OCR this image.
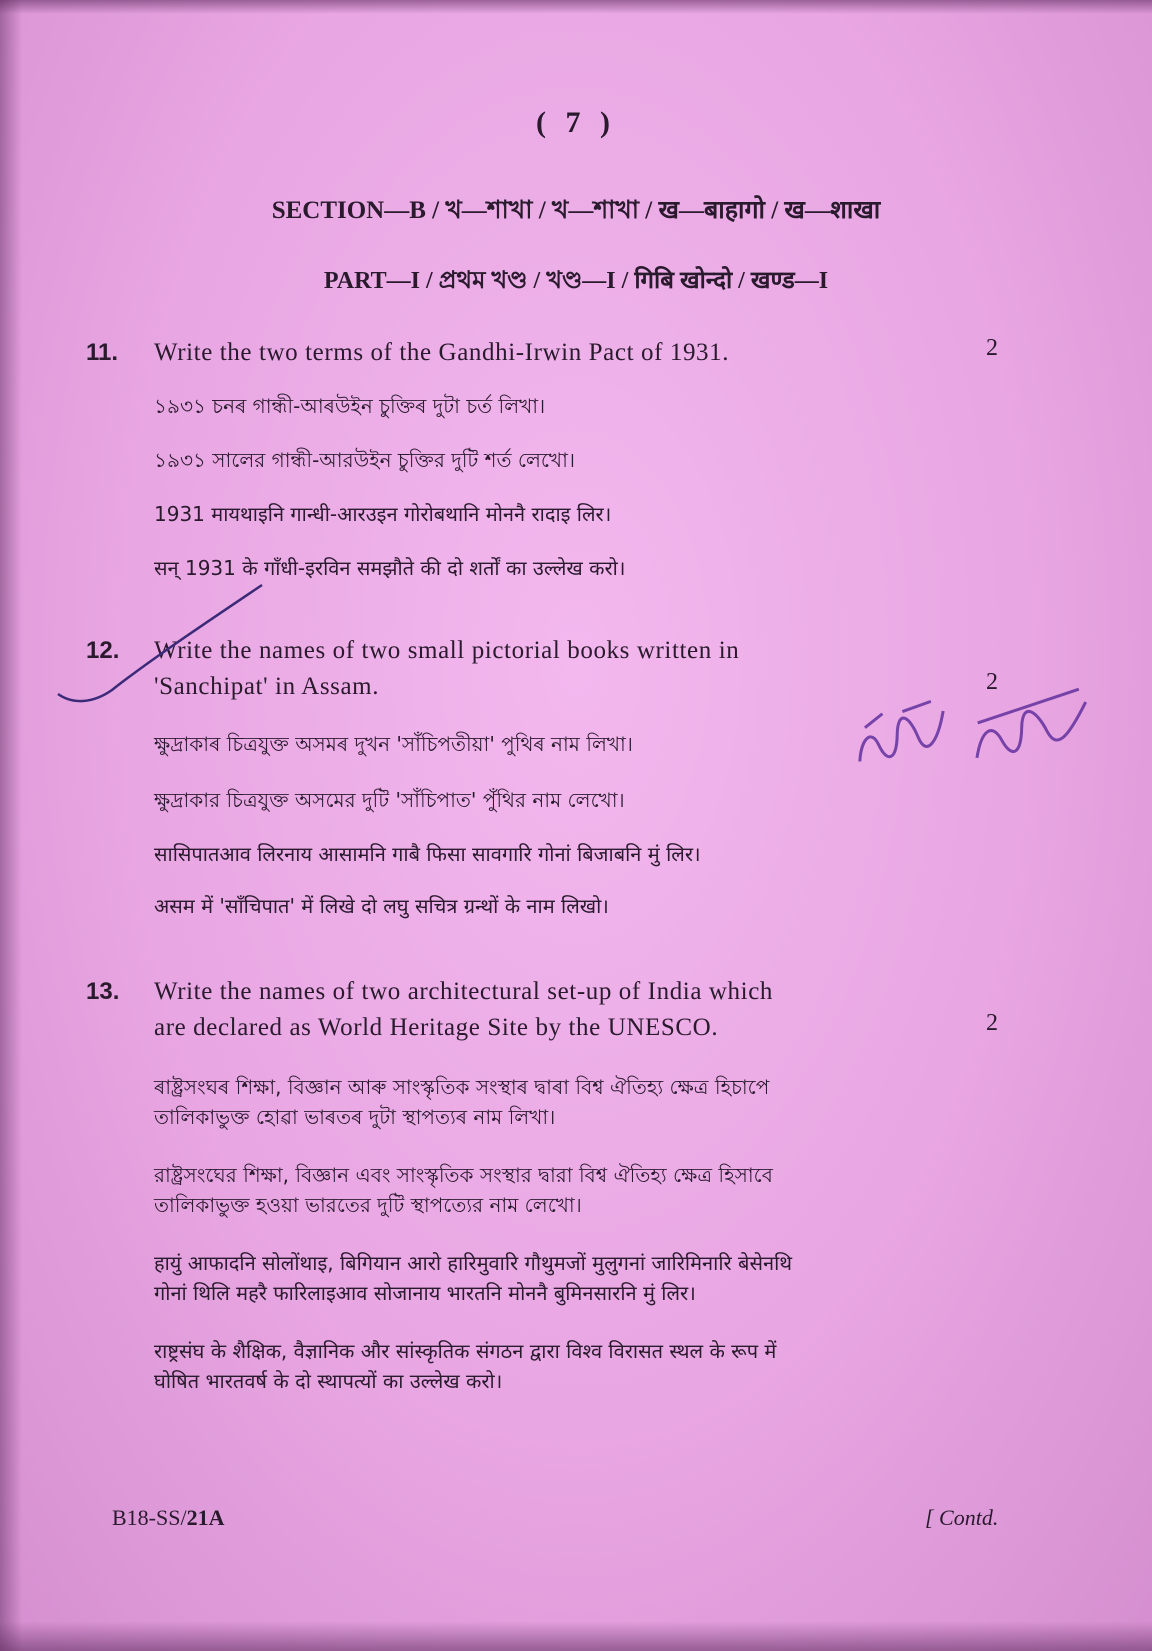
( 7 )
SECTION—B / খ—শাখা / খ—শাখা / ख—बाहागो / ख—शाखा
PART—I / প্ৰথম খণ্ড / খণ্ড—I / गिबि खोन्दो / खण्ड—I
11. Write the two terms of the Gandhi-Irwin Pact of 1931.	2
১৯৩১ চনৰ গান্ধী-আৰউইন চুক্তিৰ দুটা চৰ্ত লিখা।
১৯৩১ সালের গান্ধী-আরউইন চুক্তির দুটি শর্ত লেখো।
1931 मायथाइनि गान्धी-आरउइन गोरोबथानि मोननै रादाइ लिर।
सन् 1931 के गाँधी-इरविन समझौते की दो शर्तों का उल्लेख करो।
12. Write the names of two small pictorial books written in
'Sanchipat' in Assam.	2
ক্ষুদ্ৰাকাৰ চিত্ৰযুক্ত অসমৰ দুখন 'সাঁচিপতীয়া' পুথিৰ নাম লিখা।
ক্ষুদ্রাকার চিত্রযুক্ত অসমের দুটি 'সাঁচিপাত' পুঁথির নাম লেখো।
सासिपातआव लिरनाय आसामनि गाबै फिसा सावगारि गोनां बिजाबनि मुं लिर।
असम में 'साँचिपात' में लिखे दो लघु सचित्र ग्रन्थों के नाम लिखो।
13. Write the names of two architectural set-up of India which
are declared as World Heritage Site by the UNESCO.	2
ৰাষ্ট্ৰসংঘৰ শিক্ষা, বিজ্ঞান আৰু সাংস্কৃতিক সংস্থাৰ দ্বাৰা বিশ্ব ঐতিহ্য ক্ষেত্ৰ হিচাপে
তালিকাভুক্ত হোৱা ভাৰতৰ দুটা স্থাপত্যৰ নাম লিখা।
রাষ্ট্রসংঘের শিক্ষা, বিজ্ঞান এবং সাংস্কৃতিক সংস্থার দ্বারা বিশ্ব ঐতিহ্য ক্ষেত্র হিসাবে
তালিকাভুক্ত হওয়া ভারতের দুটি স্থাপত্যের নাম লেখো।
हायुं आफादनि सोलोंथाइ, बिगियान आरो हारिमुवारि गौथुमजों मुलुगनां जारिमिनारि बेसेनथि
गोनां थिलि महरै फारिलाइआव सोजानाय भारतनि मोननै बुमिनसारनि मुं लिर।
राष्ट्रसंघ के शैक्षिक, वैज्ञानिक और सांस्कृतिक संगठन द्वारा विश्व विरासत स्थल के रूप में
घोषित भारतवर्ष के दो स्थापत्यों का उल्लेख करो।
B18-SS/21A	[ Contd.
